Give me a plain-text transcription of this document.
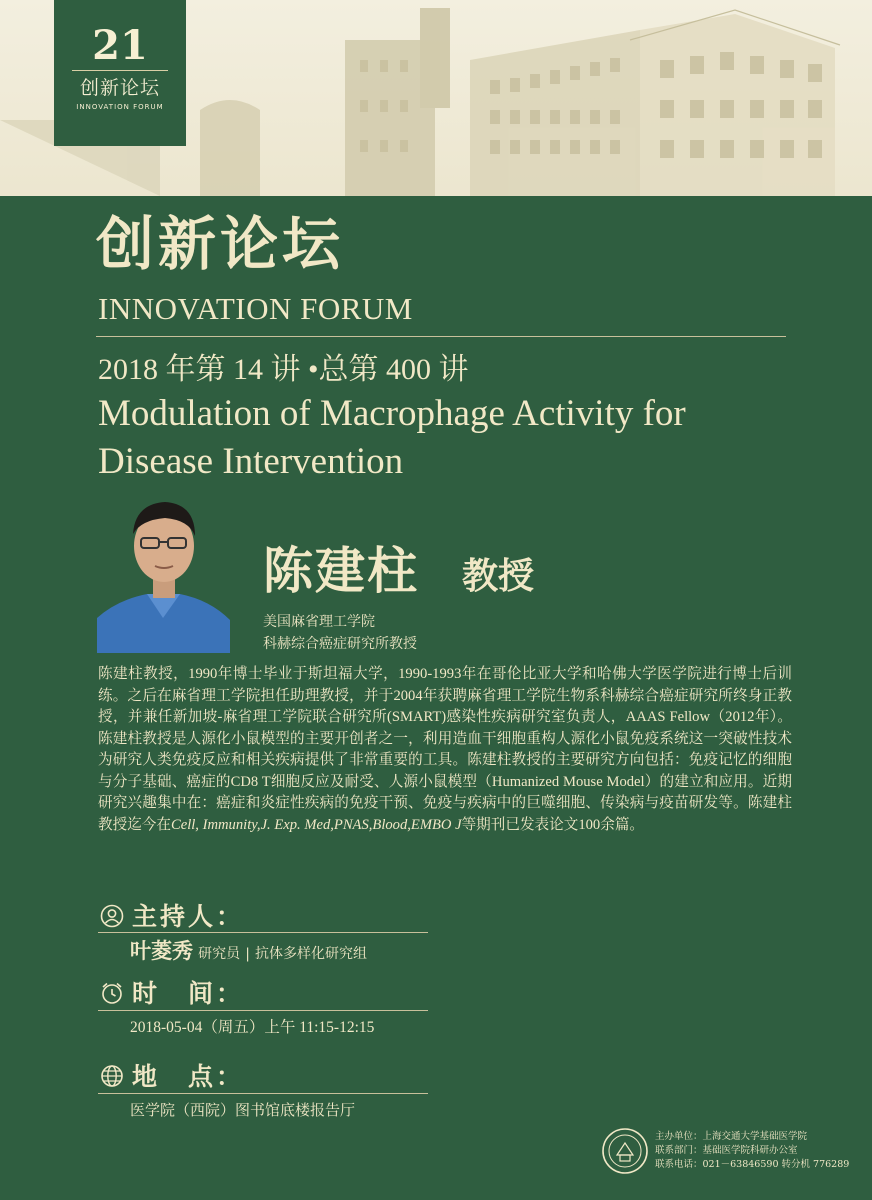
21
创新论坛
INNOVATION FORUM
创新论坛
INNOVATION FORUM
2018 年第 14 讲 •总第 400 讲
Modulation of Macrophage Activity for Disease Intervention
陈建柱 教授
美国麻省理工学院
科赫综合癌症研究所教授
陈建柱教授，1990年博士毕业于斯坦福大学，1990-1993年在哥伦比亚大学和哈佛大学医学院进行博士后训练。之后在麻省理工学院担任助理教授，并于2004年获聘麻省理工学院生物系科赫综合癌症研究所终身正教授，并兼任新加坡-麻省理工学院联合研究所(SMART)感染性疾病研究室负责人，AAAS Fellow（2012年）。陈建柱教授是人源化小鼠模型的主要开创者之一，利用造血干细胞重构人源化小鼠免疫系统这一突破性技术为研究人类免疫反应和相关疾病提供了非常重要的工具。陈建柱教授的主要研究方向包括：免疫记忆的细胞与分子基础、癌症的CD8 T细胞反应及耐受、人源小鼠模型（Humanized Mouse Model）的建立和应用。近期研究兴趣集中在：癌症和炎症性疾病的免疫干预、免疫与疾病中的巨噬细胞、传染病与疫苗研发等。陈建柱教授迄今在Cell, Immunity,J. Exp. Med,PNAS,Blood,EMBO J等期刊已发表论文100余篇。
主持人：
叶菱秀 研究员 | 抗体多样化研究组
时　间：
2018-05-04（周五）上午 11:15-12:15
地　点：
医学院（西院）图书馆底楼报告厅
主办单位：上海交通大学基础医学院
联系部门：基础医学院科研办公室
联系电话：021－63846590 转分机 776289
